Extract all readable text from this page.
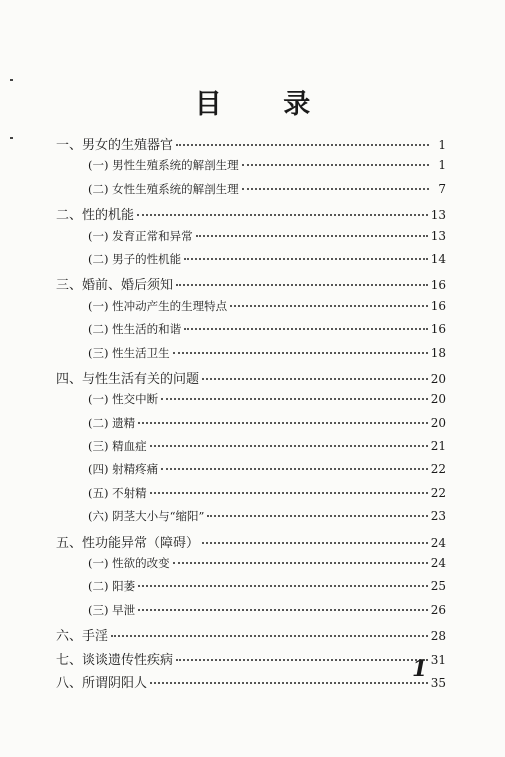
目 录
一、男女的生殖器官	1
(一) 男性生殖系统的解剖生理	1
(二) 女性生殖系统的解剖生理	7
二、性的机能	13
(一) 发育正常和异常	13
(二) 男子的性机能	14
三、婚前、婚后须知	16
(一) 性冲动产生的生理特点	16
(二) 性生活的和谐	16
(三) 性生活卫生	18
四、与性生活有关的问题	20
(一) 性交中断	20
(二) 遗精	20
(三) 精血症	21
(四) 射精疼痛	22
(五) 不射精	22
(六) 阴茎大小与“缩阳”	23
五、性功能异常（障碍）	24
(一) 性欲的改变	24
(二) 阳萎	25
(三) 早泄	26
六、手淫	28
七、谈谈遗传性疾病	31
八、所谓阴阳人	35
1
